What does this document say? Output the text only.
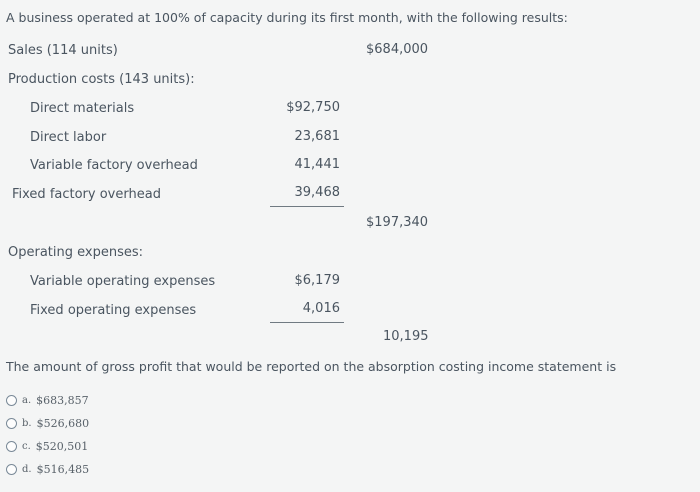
A business operated at 100% of capacity during its first month, with the following results:
Sales (114 units)	$684,000
Production costs (143 units):
Direct materials	$92,750
Direct labor	23,681
Variable factory overhead	41,441
Fixed factory overhead	39,468
$197,340
Operating expenses:
Variable operating expenses	$6,179
Fixed operating expenses	4,016
10,195
The amount of gross profit that would be reported on the absorption costing income statement is
a. $683,857
b. $526,680
c. $520,501
d. $516,485
